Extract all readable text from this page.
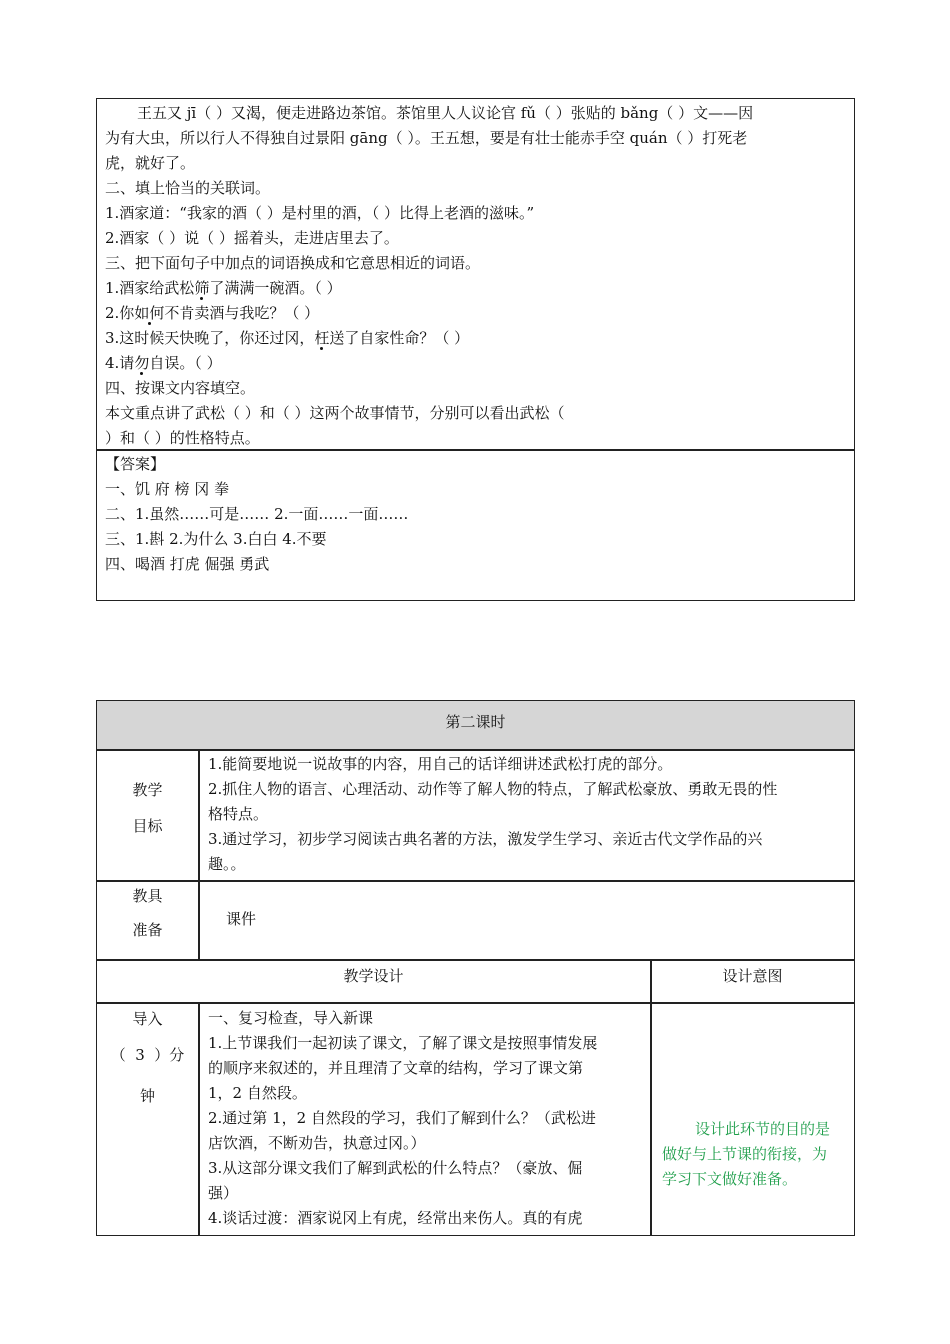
王五又 jī（ ）又渴，便走进路边茶馆。茶馆里人人议论官 fǔ（ ）张贴的 bǎng（ ）文——因
为有大虫，所以行人不得独自过景阳 gāng（ ）。王五想，要是有壮士能赤手空 quán（ ）打死老
虎，就好了。
二、填上恰当的关联词。
1.酒家道：“我家的酒（ ）是村里的酒，（ ）比得上老酒的滋味。”
2.酒家（ ）说（ ）摇着头，走进店里去了。
三、把下面句子中加点的词语换成和它意思相近的词语。
1.酒家给武松筛了满满一碗酒。（ ）
2.你如何不肯卖酒与我吃？（ ）
3.这时候天快晚了，你还过冈，枉送了自家性命？（ ）
4.请勿自误。（ ）
四、按课文内容填空。
本文重点讲了武松（ ）和（ ）这两个故事情节，分别可以看出武松（
）和（ ）的性格特点。
【答案】
一、饥 府 榜 冈 拳
二、1.虽然……可是…… 2.一面……一面……
三、1.斟 2.为什么 3.白白 4.不要
四、喝酒 打虎 倔强 勇武
第二课时
教学
目标
1.能简要地说一说故事的内容，用自己的话详细讲述武松打虎的部分。
2.抓住人物的语言、心理活动、动作等了解人物的特点，了解武松豪放、勇敢无畏的性
格特点。
3.通过学习，初步学习阅读古典名著的方法，激发学生学习、亲近古代文学作品的兴
趣。。
教具
准备
课件
教学设计	设计意图
导入
（  3  ）分
钟
一、复习检查，导入新课
1.上节课我们一起初读了课文，了解了课文是按照事情发展
的顺序来叙述的，并且理清了文章的结构，学习了课文第
1，2 自然段。
2.通过第 1，2 自然段的学习，我们了解到什么？（武松进
店饮酒，不断劝告，执意过冈。）
3.从这部分课文我们了解到武松的什么特点？（豪放、倔
强）
4.谈话过渡：酒家说冈上有虎，经常出来伤人。真的有虎
设计此环节的目的是
做好与上节课的衔接，为
学习下文做好准备。
